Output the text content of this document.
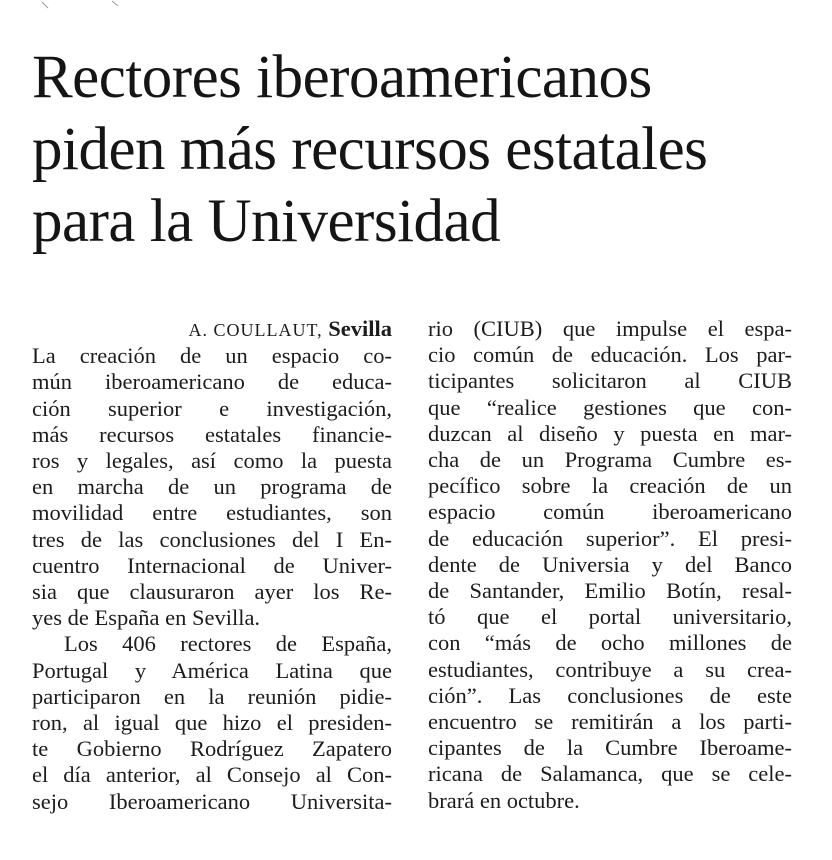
Rectores iberoamericanos
piden más recursos estatales
para la Universidad

A. COULLAUT, Sevilla

La creación de un espacio co-
mún iberoamericano de educa-
ción superior e investigación,
más recursos estatales financie-
ros y legales, así como la puesta
en marcha de un programa de
movilidad entre estudiantes, son
tres de las conclusiones del I En-
cuentro Internacional de Univer-
sia que clausuraron ayer los Re-
yes de España en Sevilla.
Los 406 rectores de España,
Portugal y América Latina que
participaron en la reunión pidie-
ron, al igual que hizo el presiden-
te Gobierno Rodríguez Zapatero
el día anterior, al Consejo al Con-
sejo Iberoamericano Universita-
rio (CIUB) que impulse el espa-
cio común de educación. Los par-
ticipantes solicitaron al CIUB
que “realice gestiones que con-
duzcan al diseño y puesta en mar-
cha de un Programa Cumbre es-
pecífico sobre la creación de un
espacio común iberoamericano
de educación superior”. El presi-
dente de Universia y del Banco
de Santander, Emilio Botín, resal-
tó que el portal universitario,
con “más de ocho millones de
estudiantes, contribuye a su crea-
ción”. Las conclusiones de este
encuentro se remitirán a los parti-
cipantes de la Cumbre Iberoame-
ricana de Salamanca, que se cele-
brará en octubre.
